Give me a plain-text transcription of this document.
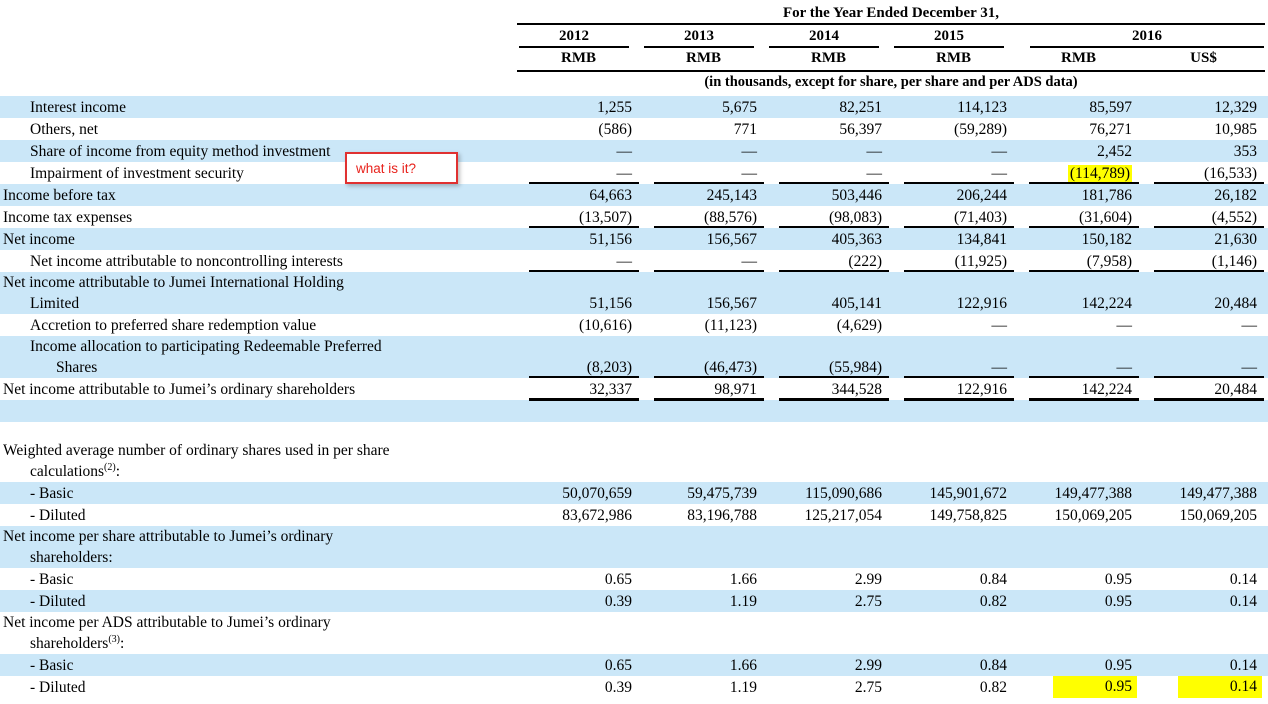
For the Year Ended December 31,
2012	2013	2014	2015	2016
RMB	RMB	RMB	RMB	RMB	US$
(in thousands, except for share, per share and per ADS data)
Interest income	1,255	5,675	82,251	114,123	85,597	12,329
Others, net	(586)	771	56,397	(59,289)	76,271	10,985
Share of income from equity method investment	—	—	—	—	2,452	353
Impairment of investment security	—	—	—	—	(114,789)	(16,533)
Income before tax	64,663	245,143	503,446	206,244	181,786	26,182
Income tax expenses	(13,507)	(88,576)	(98,083)	(71,403)	(31,604)	(4,552)
Net income	51,156	156,567	405,363	134,841	150,182	21,630
Net income attributable to noncontrolling interests	—	—	(222)	(11,925)	(7,958)	(1,146)
Net income attributable to Jumei International Holding
Limited	51,156	156,567	405,141	122,916	142,224	20,484
Accretion to preferred share redemption value	(10,616)	(11,123)	(4,629)	—	—	—
Income allocation to participating Redeemable Preferred
Shares	(8,203)	(46,473)	(55,984)	—	—	—
Net income attributable to Jumei’s ordinary shareholders	32,337	98,971	344,528	122,916	142,224	20,484
Weighted average number of ordinary shares used in per share
calculations$^{(2)}$:
- Basic	50,070,659	59,475,739	115,090,686	145,901,672	149,477,388	149,477,388
- Diluted	83,672,986	83,196,788	125,217,054	149,758,825	150,069,205	150,069,205
Net income per share attributable to Jumei’s ordinary
shareholders:
- Basic	0.65	1.66	2.99	0.84	0.95	0.14
- Diluted	0.39	1.19	2.75	0.82	0.95	0.14
Net income per ADS attributable to Jumei’s ordinary
shareholders$^{(3)}$:
- Basic	0.65	1.66	2.99	0.84	0.95	0.14
- Diluted	0.39	1.19	2.75	0.82	0.95	0.14
what is it?
